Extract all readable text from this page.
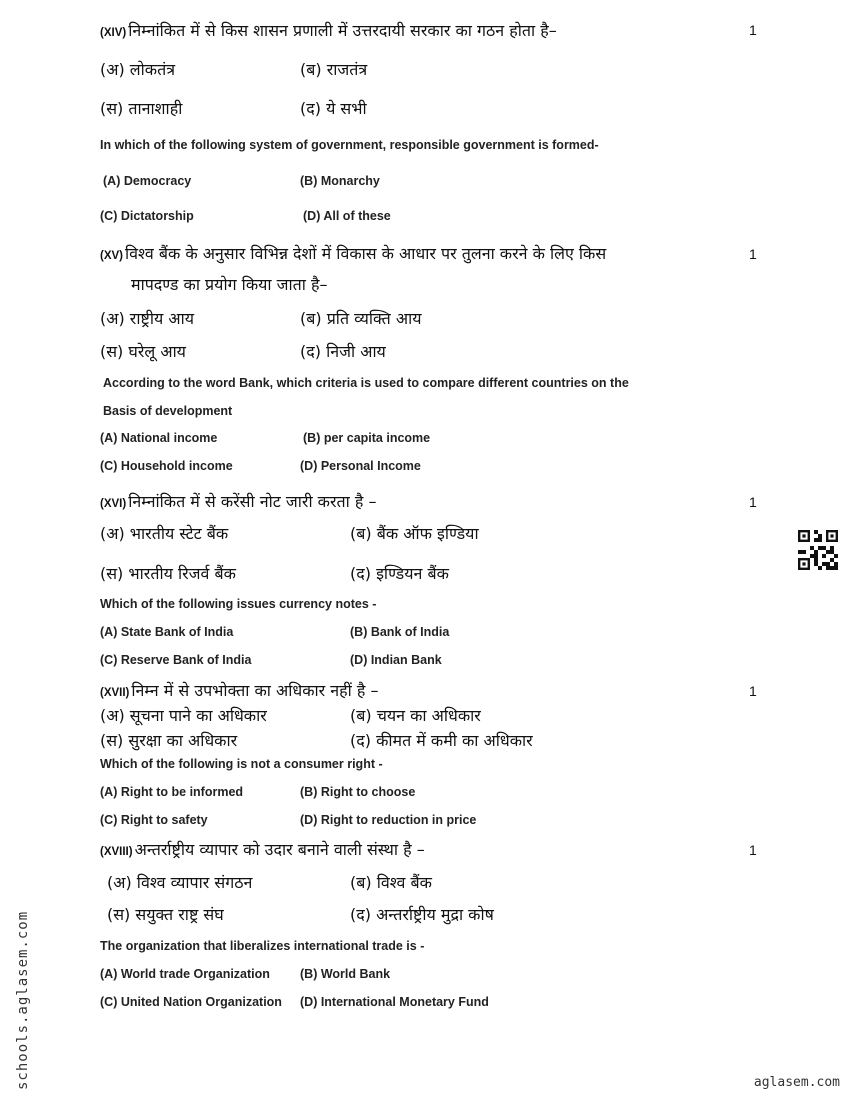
(XIV) निम्नांकित में से किस शासन प्रणाली में उत्तरदायी सरकार का गठन होता है–	1
(अ) लोकतंत्र	(ब) राजतंत्र
(स) तानाशाही	(द) ये सभी
In which of the following system of government, responsible government is formed-
(A) Democracy	(B) Monarchy
(C) Dictatorship	(D) All of these
(XV) विश्व बैंक के अनुसार विभिन्न देशों में विकास के आधार पर तुलना करने के लिए किस
मापदण्ड का प्रयोग किया जाता है–
1
(अ) राष्ट्रीय आय	(ब) प्रति व्यक्ति आय
(स) घरेलू आय	(द) निजी आय
According to the word Bank, which criteria is used to compare different countries on the
Basis of development
(A) National income	(B) per capita income
(C) Household income	(D) Personal Income
(XVI) निम्नांकित में से करेंसी नोट जारी करता है –	1
(अ) भारतीय स्टेट बैंक	(ब) बैंक ऑफ इण्डिया
(स) भारतीय रिजर्व बैंक	(द) इण्डियन बैंक
Which of the following issues currency notes -
(A) State Bank of India	(B) Bank of India
(C) Reserve Bank of India	(D) Indian Bank
(XVII) निम्न में से उपभोक्ता का अधिकार नहीं है –	1
(अ) सूचना पाने का अधिकार	(ब) चयन का अधिकार
(स) सुरक्षा का अधिकार	(द) कीमत में कमी का अधिकार
Which of the following is not a consumer right -
(A) Right to be informed	(B) Right to choose
(C) Right to safety	(D) Right to reduction in price
(XVIII) अन्तर्राष्ट्रीय व्यापार को उदार बनाने वाली संस्था है –	1
(अ) विश्व व्यापार संगठन	(ब) विश्व बैंक
(स) सयुक्त राष्ट्र संघ	(द) अन्तर्राष्ट्रीय मुद्रा कोष
The organization that liberalizes international trade is -
(A) World trade Organization (B) World Bank
(C) United Nation Organization (D) International Monetary Fund
schools.aglasem.com	aglasem.com
